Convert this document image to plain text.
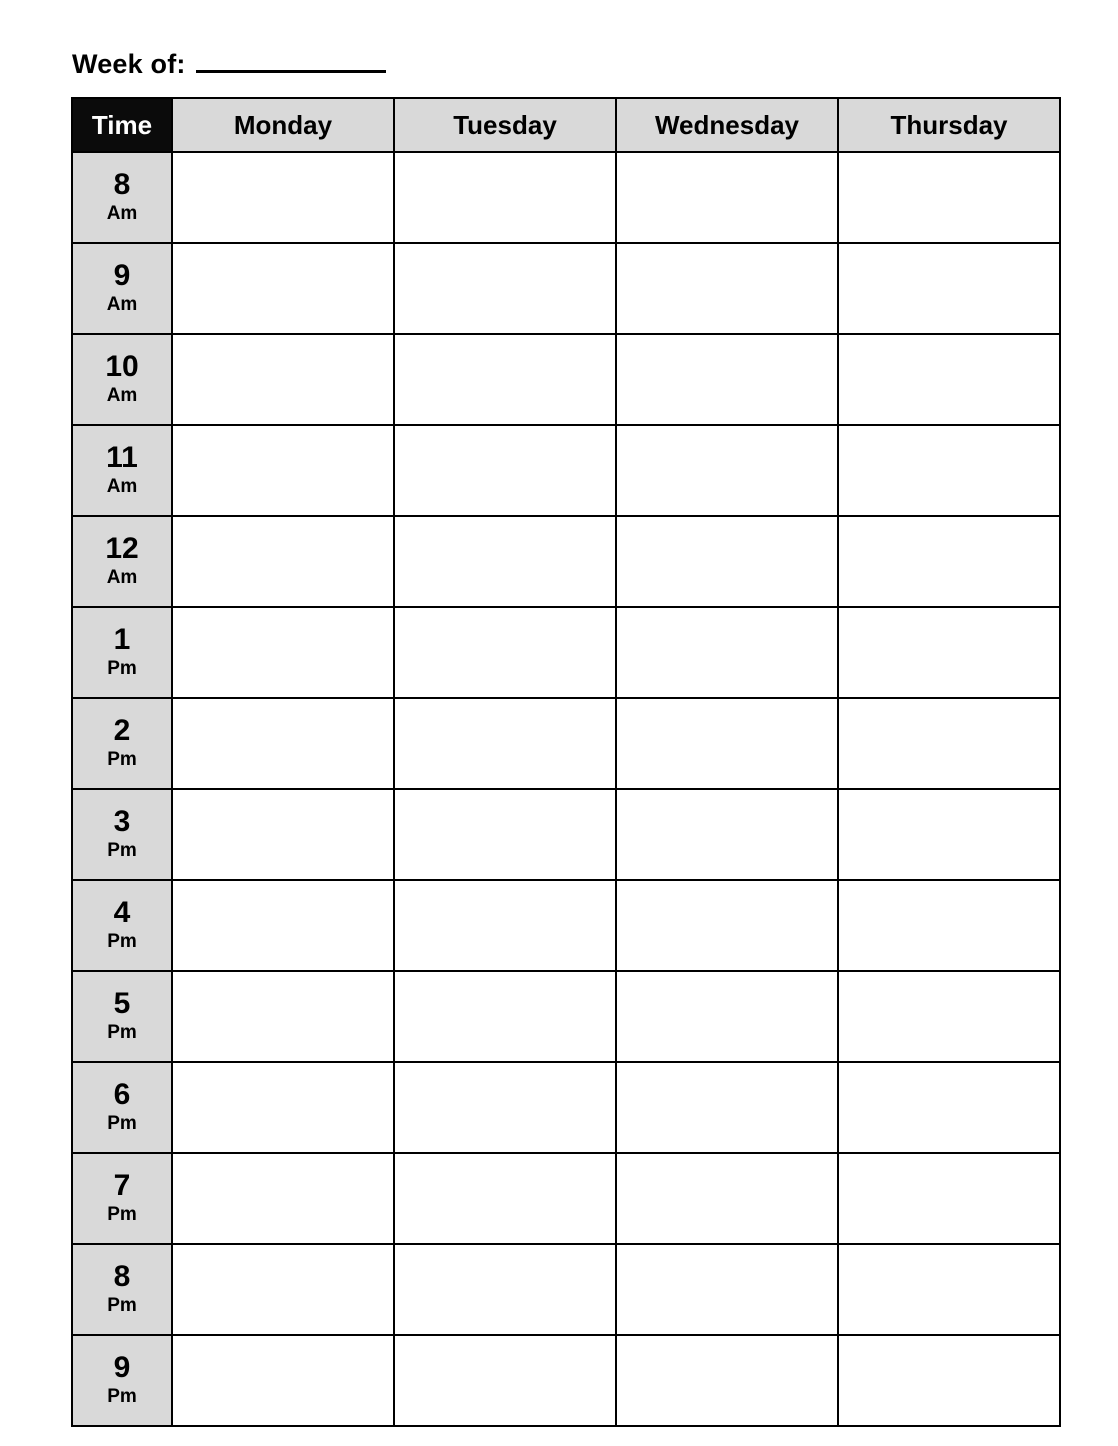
Week of:
Time	Monday	Tuesday	Wednesday	Thursday

8
Am				

9
Am				

10
Am				

11
Am				

12
Am				

1
Pm				

2
Pm				

3
Pm				

4
Pm				

5
Pm				

6
Pm				

7
Pm				

8
Pm				

9
Pm				
